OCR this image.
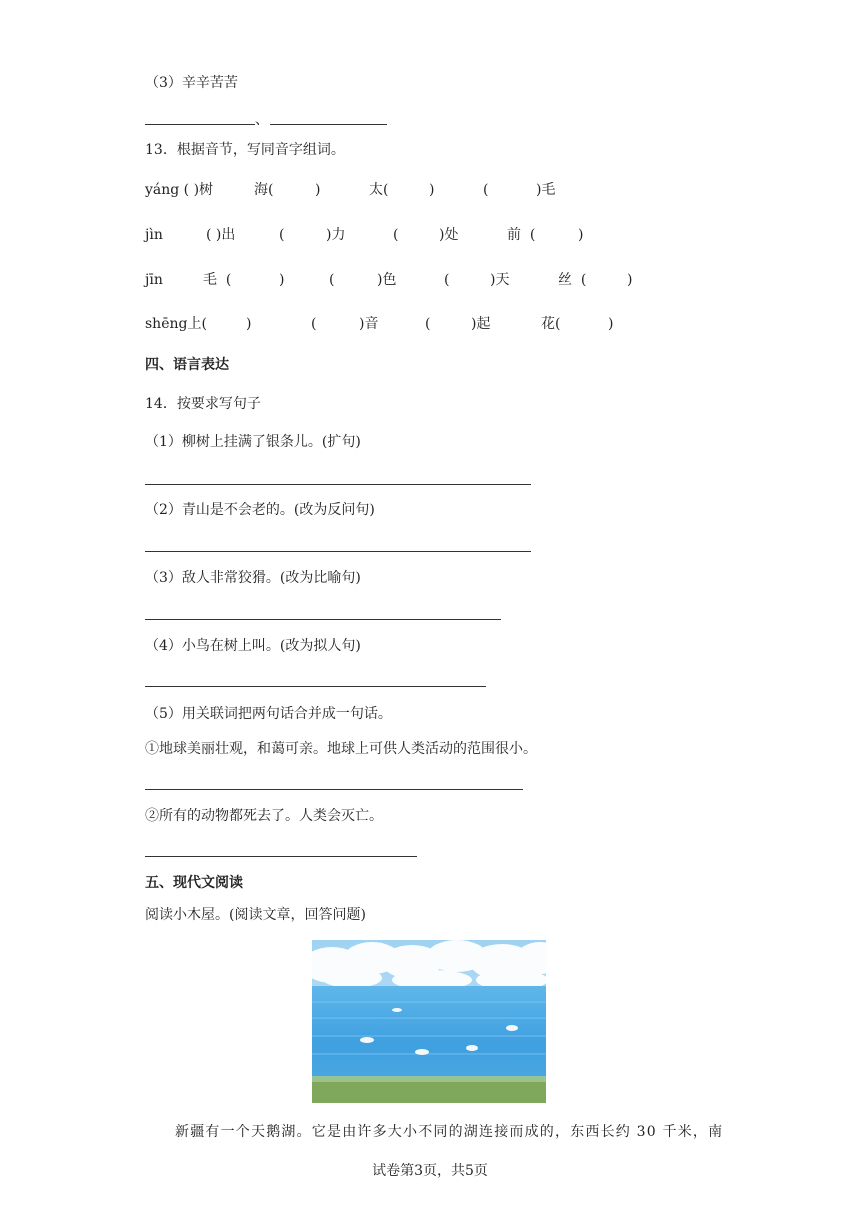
（3）辛辛苦苦
、
13．根据音节，写同音字组词。
yáng ( )树	海(	)	太(	)	(	)毛
jìn	( )出	(	)力	(	)处	前  (	)
jīn	毛  (	)	(	)色	(	)天	丝  (	)
shēng上(	)	(	)音	(	)起	花(	)
四、语言表达
14．按要求写句子
（1）柳树上挂满了银条儿。(扩句)
（2）青山是不会老的。(改为反问句)
（3）敌人非常狡猾。(改为比喻句)
（4）小鸟在树上叫。(改为拟人句)
（5）用关联词把两句话合并成一句话。
①地球美丽壮观，和蔼可亲。地球上可供人类活动的范围很小。
②所有的动物都死去了。人类会灭亡。
五、现代文阅读
阅读小木屋。(阅读文章，回答问题)
新疆有一个天鹅湖。它是由许多大小不同的湖连接而成的，东西长约 30 千米，南
试卷第3页，共5页
